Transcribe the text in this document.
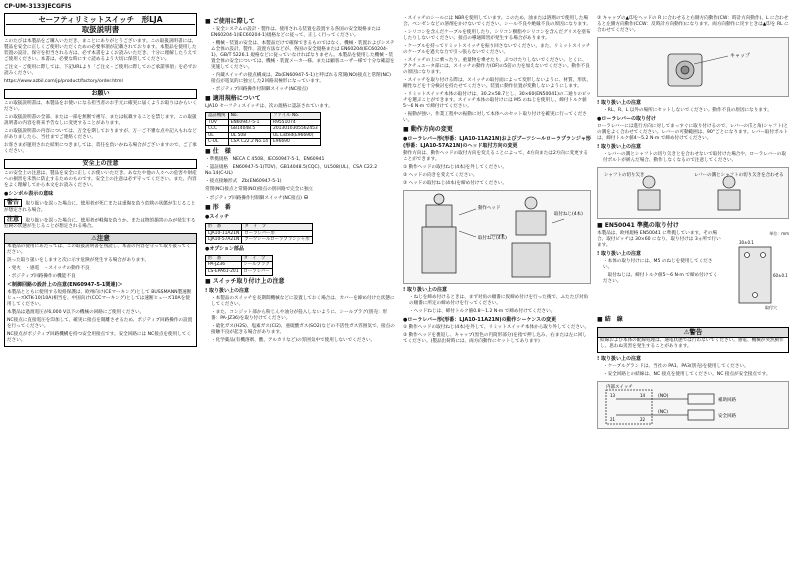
CP-UM-3133JECGFIS
セーフティリミットスイッチ　形LJA
取扱説明書

このたびは本製品をご購入いただき、まことにありがとうございます。この取扱説明書には、製品を安全に正しくご使用いただくための必要事項が記載されております。本製品を使用した装置の設計、保守を担当される方は、必ず本書をよくお読みいただき、十分に理解したうえでご使用ください。本書は、必要な時にすぐ読めるよう大切に保管してください。

ご注文・ご使用に際しては、下記URLより「ご注文・ご使用に際してのご承諾事項」を必ずお読みください。

https://www.azbil.com/jp/product/factory/order.html

お願い

この取扱説明書は、本製品をお使いになる担当者のお手元に確実に届くようお取りはからいください。

この取扱説明書の全部、または一部を無断で複写、または転載することを禁じます。この取扱説明書の内容を将来予告なしに変更することがあります。

この取扱説明書の内容については、万全を期しておりますが、万一ご不審な点や記入もれなどがありましたら、当社までご連絡ください。

お客さまが運用された結果につきましては、責任を負いかねる場合がございますので、ご了承ください。

安全上の注意

この安全上の注意は、製品を安全に正しくお使いいただき、あなたや他の人々への危害や財産への損害を未然に防止するためのものです。安全上の注意は必ず守ってください。また、内容をよく理解してから本文をお読みください。

●シンボル表示の意味

警告 取り扱いを誤った場合に、使用者が死亡または重傷を負う危険の状態が生じることが想定される場合。

注意 取り扱いを誤った場合に、使用者が軽傷を負うか、または物的損害のみが発生する危険の状態が生じることが想定される場合。

⚠注意

本製品の使用にあたっては、この取扱説明書を熟読し、本書の内容を守って取り扱ってください。

誤った取り扱いをしますと次に示す危険が発生する場合があります。

・発火　・感電　・スイッチの動作不良

・ポジティブ回路操作の機能不良

＜制御回路の設計上の注意(EN60947-5-1関連)＞

本製品とともに使用する短絡保護は、欧州向け(CEマーキング)として BUSSMANN製速断ヒューズKTK-10(10A)相当を、中国向け(CCCマーキング)としては速断ヒューズ10Aを使用してください。

本製品は過渡電圧が6,000 V以下の機械の回路にご使用ください。

NC接点に直接電圧を印加して、確実に接点を開離させるため、ポジティブ回路操作の設置を行ってください。

NC接点がポジティブ回路機構を持つ安全用接点です。安全回路には NC接点を使用してください。

■ ご使用に際して

・安全システムの設計・製作は、使用される装置を設置する各国の安全規格またはEN60204-1(IEC60204-1)規格などに従って、正しく行ってください。

・機械・装置の安全は、本製品だけで確保できるものではなく、機械・装置およびシステム全体の設計、製作、設置方法などが、各国の安全規格または EN60204(IEC60204-1)、GB/T 5226.1 規格などに従っていなければなりません。本製品を使用した機械・装置全体の安全については、機械・装置メーカー様、または顧客ユーザー様で十分な確認を実施してください。

・内蔵スイッチの接点構成は、Zb(EN60947-5-1)と呼ばれる常開(NO)接点と常閉(NC)接点が電気的に独立した2回路双極形になっています。

・ポジティブ回路操作付制御スイッチ(NC接点)

■ 適用規格について

LJA10 セーフティスイッチは、次の規格に認証されています。

認証機関	No.	ファイル No.
TÜV	EN60947-5-1	R9551074
CCC	GB14048.5	2013010305562453
UL	UL 508	UL Listed(E96690)
C-UL	CSA C22.2 No.14	E96690
■ 仕　様

・準拠規格　 NECA C 4508、IEC60947-5-1、EN60941

・認証規格　 EN60947-5-1(TÜV)、GB14048.5(CQC)、UL508(UL)、CSA C22.2 No.14(C-UL)

・接点接触形式　 Zb(EN60947-5-1)

常閉(NC)接点と常開(NO)接点の別回路で完全に独立

・ポジティブ回路操作付制御スイッチ(NC接点) ⊖

■ 形　番
●スイッチ
形　番	タ　イ　プ
LJA10-11A21N	ローラレバー形
LJA10-57A21N	ブーツシールローラプランジャ形
●オプション部品
形　番	タ　イ　プ
PA-JZ36	シールプラグ
LS-EPA61-201	ローラレバー
■ スイッチ取り付け上の注意
! 取り扱い上の注意

・本製品のスイッチを長期間機械などに設置しておく場合は、カバーを締め付けた状態にしてください。

・また、コンジット部から粉じんや油分が侵入しないように、シールプラグ(別売：形番：PA-JZ36)を取り付けてください。

・硫化ガス(H2S)、塩素ガス(Cl2)、亜硫酸ガス(SO2)などの不活性ガス雰囲気で、接点の接触不良が起きる場合があります。

・化学薬品(有機溶剤、酸、アルカリなど)の雰囲気中で使用しないでください。

・スイッチのシールには NBRを使用しています。このため、油または溶剤ので使用した場合、ベンゼンなどの溶剤をかけないでください。シール不良や絶縁不良の原因になります。

・シリコンを含んだケーブルを使用したり、シリコン樹脂やシリコンを含んだグリスを塗布したりしないでください。接点の導通障害が発生する場合があります。

・ケーブルを持ってリミットスイッチを振り回さないでください。また、リミットスイッチのケーブルを過大な力で引っ張らないでください。

・スイッチの上に乗ったり、重量物を乗せたり、ぶつけたりしないでください。とくに、アクチュエータ部には、スイッチの動作力(OF)の5倍の力を加えないでください。動作不良の原因になります。

・スイッチを取り付ける際は、スイッチの取付面によって変形しないように、材質、形状、剛性などを十分検討を持たせてください。装置に動作位置が変動しないようにします。

・リミットスイッチ本体の取付けは、30.2×58.7とし、30×60(EN50041)の二通りのピッチを選ぶことができます。スイッチ本体の取付けには M5 のねじを使用し、締付トルク値5〜6 N·m で締付けてください。

・振動が強い、作業工程中の振動に対して本体へのセット取り付けを確実に行ってください。

■ 動作方向の変更
●ローラレバー形(形番：LJA10-11A21N)およびブーツシールローラプランジャ形(形番：LJA10-57A21N)のヘッド取付方向の変更

動作方向は、動作ヘッドの取付方向を変えることによって、4方向または2方向に変更することができます。

① 動作ヘッドの取付ねじ(4本)を外してください。

② ヘッドの向きを変えてください。

③ ヘッドの取付ねじ(4本)を締め付けてください。

動作ヘッド
取付ねじ(4本)
取付ねじ(4本)
! 取り扱い上の注意

・ねじを締め付けるときは、まず対角の順番に仮締め付けを行った後で、ふたたび対角の順番に所定の締め付けを行ってください。

・ヘッドねじは、締付トルク値0.8〜1.2 N·m で締め付けてください。

●ローラレバー形(形番：LJA10-11A21N)の動作シーケンスの変更

① 動作ヘッドの取付ねじ(4本)を外して、リミットスイッチ本体から取り外してください。

② 動作ヘッドを裏返し、キャップ(黒色の円筒形部分)を指で押し込み、右または左に回してください。(製品出荷時には、両方向動作にセットしてあります)

③ キャップの▲印をヘッドの R に合わせると右側方向動作(CW：時計方向動作)、L に合わせると左側方向動作(CCW：反時計方向動作)になります。両方向動作に戻すときは▲印を RL に合わせてください。

キャップ
! 取り扱い上の注意

・RL、R、L 以外の場所にセットしないでください。動作不良の原因になります。

●ローラレバーの取り付け

ローラレバーには進行方向に対してまっすぐに取り付けるので、レバーの爪と角(シャフト)との溝をよく合わせてください。レバーの可動範囲は、90°ごとになります。レバー取付ボルトは、締付トルク値4〜5.2 N·m で締め付けてください。

! 取り扱い上の注意

・レバーの溝とシャフトの切り欠きとを合わせないで取付けた場合や、ローラレバーの取付ボルトが緩んだ場合、動作しなくなるので注意してください。

シャフトの切り欠き	レバーの溝とシャフトの切り欠きを合わせる
■ EN50041 準拠の取り付け

本製品は、欧州規格 EN50041 に準拠しています。その場合、取付ピッチは 30×60 になり、取り付けは 3ヵ所で行います。

! 取り扱い上の注意

・本体の取り付けには、M5 のねじを使用してください。

　取付ねじは、締付トルク値5〜6 N·m で締め付けてください。

単位：mm
30±0.1
60±0.1
取付穴
■ 結　線
⚠警告

結線および本体の配線処理は、通電状態では行わないでください。感電、機械が突然動作し、思わぬ災害を発生することがあります。

! 取り扱い上の注意

・ケーブルグランドは、当社の PA1、PA3(別売)を使用してください。

・安全回路との結線は、NC 接点を使用してください。NC 接点が安全接点です。

内部スイッチ
(NO)
補助回路
(NC)
安全回路
13	14
21	22
